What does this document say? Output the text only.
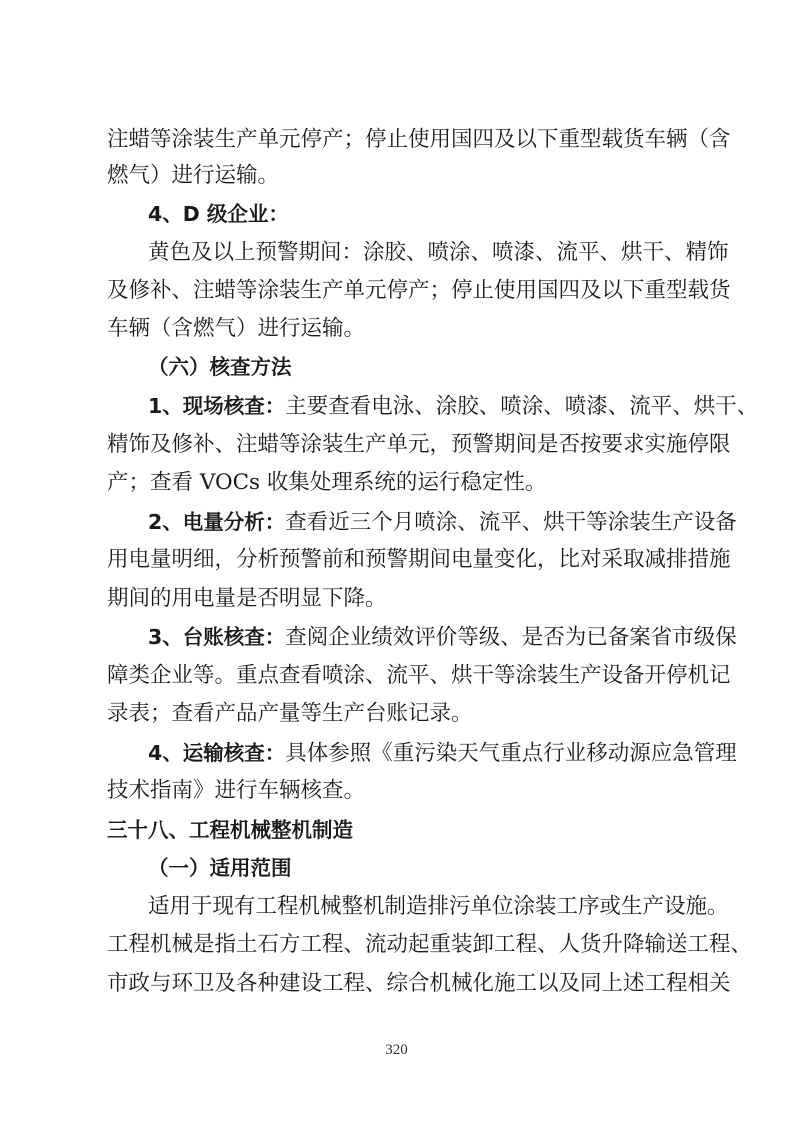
注蜡等涂装生产单元停产；停止使用国四及以下重型载货车辆（含
燃气）进行运输。
4、D 级企业：
黄色及以上预警期间：涂胶、喷涂、喷漆、流平、烘干、精饰
及修补、注蜡等涂装生产单元停产；停止使用国四及以下重型载货
车辆（含燃气）进行运输。
（六）核查方法
1、现场核查：主要查看电泳、涂胶、喷涂、喷漆、流平、烘干、
精饰及修补、注蜡等涂装生产单元，预警期间是否按要求实施停限
产；查看 VOCs 收集处理系统的运行稳定性。
2、电量分析：查看近三个月喷涂、流平、烘干等涂装生产设备
用电量明细，分析预警前和预警期间电量变化，比对采取减排措施
期间的用电量是否明显下降。
3、台账核查：查阅企业绩效评价等级、是否为已备案省市级保
障类企业等。重点查看喷涂、流平、烘干等涂装生产设备开停机记
录表；查看产品产量等生产台账记录。
4、运输核查：具体参照《重污染天气重点行业移动源应急管理
技术指南》进行车辆核查。
三十八、工程机械整机制造
（一）适用范围
适用于现有工程机械整机制造排污单位涂装工序或生产设施。
工程机械是指土石方工程、流动起重装卸工程、人货升降输送工程、
市政与环卫及各种建设工程、综合机械化施工以及同上述工程相关
320
